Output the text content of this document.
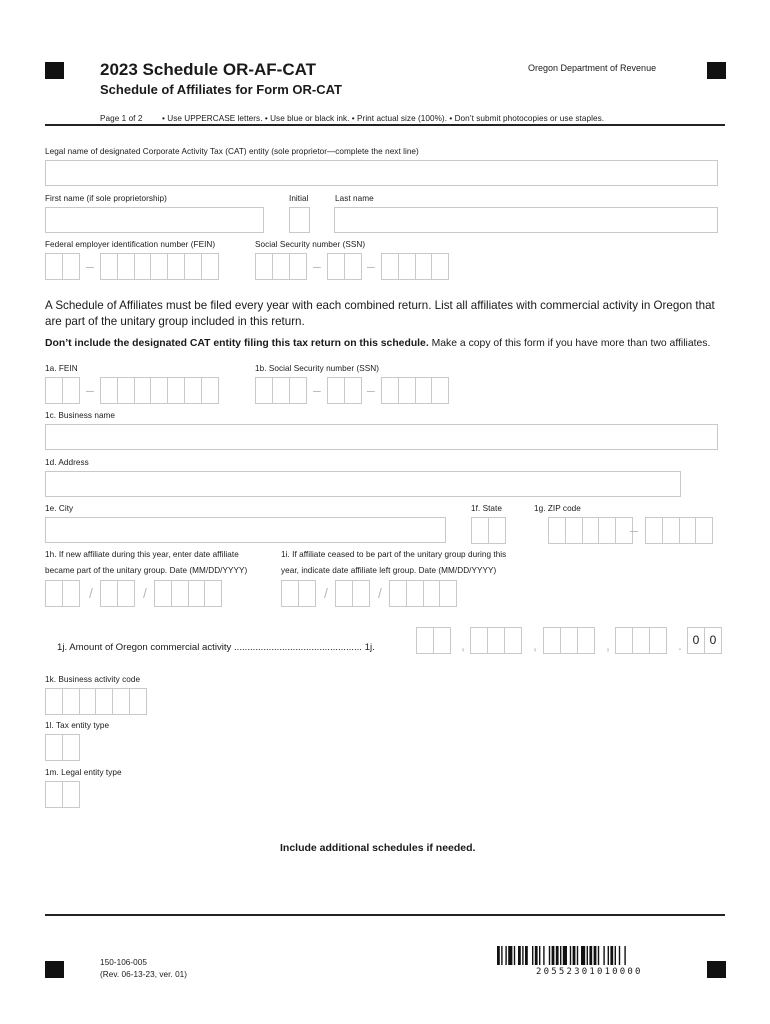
2023 Schedule OR-AF-CAT
Schedule of Affiliates for Form OR-CAT
Oregon Department of Revenue
Page 1 of 2 • Use UPPERCASE letters. • Use blue or black ink. • Print actual size (100%). • Don’t submit photocopies or use staples.
Legal name of designated Corporate Activity Tax (CAT) entity (sole proprietor—complete the next line)
First name (if sole proprietorship)	Initial	Last name
Federal employer identification number (FEIN)	Social Security number (SSN)
–	–	–
A Schedule of Affiliates must be filed every year with each combined return. List all affiliates with commercial activity in Oregon that are part of the unitary group included in this return.
Don’t include the designated CAT entity filing this tax return on this schedule. Make a copy of this form if you have more than two affiliates.
1a. FEIN	1b. Social Security number (SSN)
–	–	–
1c. Business name
1d. Address
1e. City	1f. State	1g. ZIP code
–
1h. If new affiliate during this year, enter date affiliate
became part of the unitary group. Date (MM/DD/YYYY)
1i. If affiliate ceased to be part of the unitary group during this
year, indicate date affiliate left group. Date (MM/DD/YYYY)
/	/	/	/
1j. Amount of Oregon commercial activity ................................................ 1j.	,	,	,	. 0 0
1k. Business activity code
1l. Tax entity type
1m. Legal entity type
Include additional schedules if needed.
150-106-005
(Rev. 06-13-23, ver. 01)	20552301010000
